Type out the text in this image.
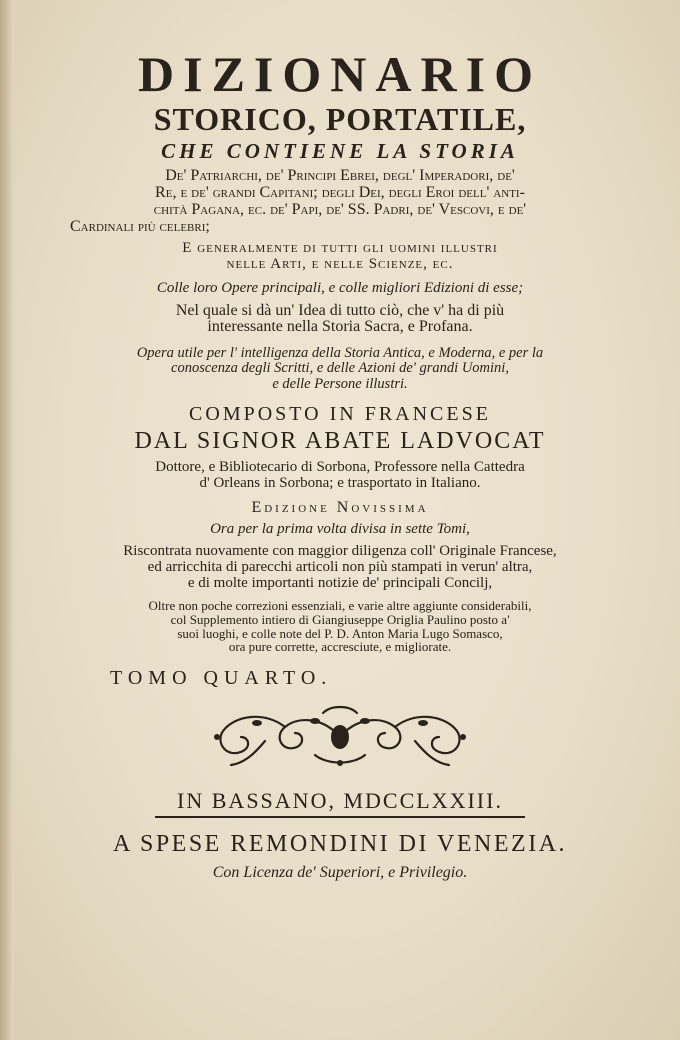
DIZIONARIO

STORICO, PORTATILE,

CHE CONTIENE LA STORIA

De' Patriarchi, de' Principi Ebrei, degl' Imperadori, de'

Re, e de' grandi Capitani; degli Dei, degli Eroi dell' anti-

chità Pagana, ec. de' Papi, de' SS. Padri, de' Vescovi, e de'

Cardinali più celebri;

E generalmente di tutti gli uomini illustri

nelle Arti, e nelle Scienze, ec.

Colle loro Opere principali, e colle migliori Edizioni di esse;

Nel quale si dà un' Idea di tutto ciò, che v' ha di più

interessante nella Storia Sacra, e Profana.

Opera utile per l' intelligenza della Storia Antica, e Moderna, e per la

conoscenza degli Scritti, e delle Azioni de' grandi Uomini,

e delle Persone illustri.

COMPOSTO IN FRANCESE

DAL SIGNOR ABATE LADVOCAT

Dottore, e Bibliotecario di Sorbona, Professore nella Cattedra

d' Orleans in Sorbona; e trasportato in Italiano.

Edizione Novissima

Ora per la prima volta divisa in sette Tomi,

Riscontrata nuovamente con maggior diligenza coll' Originale Francese,

ed arricchita di parecchi articoli non più stampati in verun' altra,

e di molte importanti notizie de' principali Concilj,

Oltre non poche correzioni essenziali, e varie altre aggiunte considerabili,

col Supplemento intiero di Giangiuseppe Origlia Paulino posto a'

suoi luoghi, e colle note del P. D. Anton Maria Lugo Somasco,

ora pure corrette, accresciute, e migliorate.

TOMO QUARTO.

IN BASSANO, MDCCLXXIII.

A SPESE REMONDINI DI VENEZIA.

Con Licenza de' Superiori, e Privilegio.
